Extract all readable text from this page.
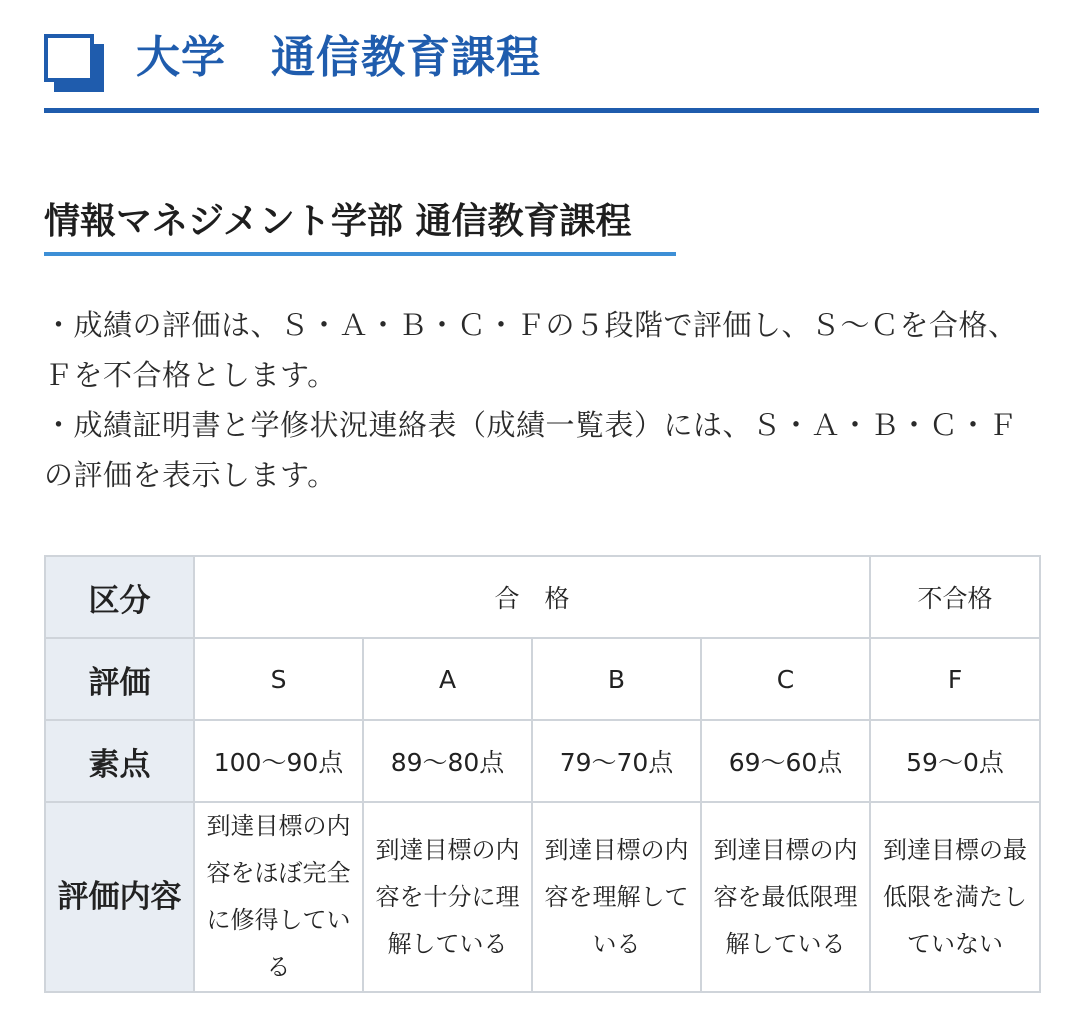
大学　通信教育課程
情報マネジメント学部 通信教育課程

・成績の評価は、Ｓ・Ａ・Ｂ・Ｃ・Ｆの５段階で評価し、Ｓ～Ｃを合格、Ｆを不合格とします。

・成績証明書と学修状況連絡表（成績一覧表）には、Ｓ・Ａ・Ｂ・Ｃ・Ｆの評価を表示します。

区分	合　格				不合格
評価	S	A	B	C	F
素点	100～90点	89～80点	79～70点	69～60点	59～0点
評価内容	到達目標の内容をほぼ完全に修得している	到達目標の内容を十分に理解している	到達目標の内容を理解している	到達目標の内容を最低限理解している	到達目標の最低限を満たしていない
